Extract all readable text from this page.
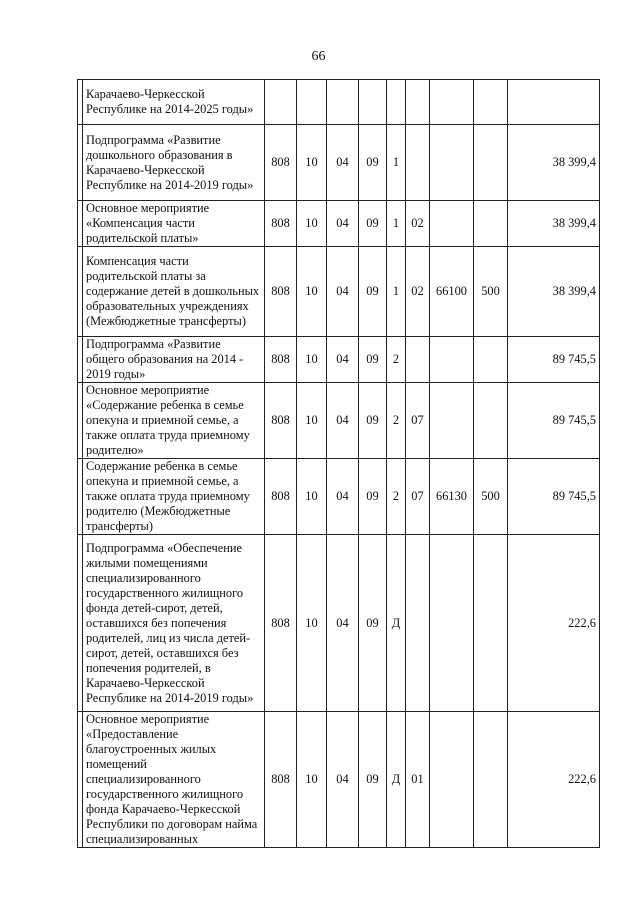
66
	Карачаево-Черкесской Республике на 2014-2025 годы»									
	Подпрограмма «Развитие дошкольного образования в Карачаево-Черкесской Республике на 2014-2019 годы»	808	10	04	09	1				38 399,4
	Основное мероприятие «Компенсация части родительской платы»	808	10	04	09	1	02			38 399,4
	Компенсация части родительской платы за содержание детей в дошкольных образовательных учреждениях (Межбюджетные трансферты)	808	10	04	09	1	02	66100	500	38 399,4
	Подпрограмма «Развитие общего образования на 2014 - 2019 годы»	808	10	04	09	2				89 745,5
	Основное мероприятие «Содержание ребенка в семье опекуна и приемной семье, а также оплата труда приемному родителю»	808	10	04	09	2	07			89 745,5
	Содержание ребенка в семье опекуна и приемной семье, а также оплата труда приемному родителю (Межбюджетные трансферты)	808	10	04	09	2	07	66130	500	89 745,5
	Подпрограмма «Обеспечение жилыми помещениями специализированного государственного жилищного фонда детей-сирот, детей, оставшихся без попечения родителей, лиц из числа детей-сирот, детей, оставшихся без попечения родителей, в Карачаево-Черкесской Республике на 2014-2019 годы»	808	10	04	09	Д				222,6
	Основное мероприятие «Предоставление благоустроенных жилых помещений специализированного государственного жилищного фонда Карачаево-Черкесской Республики по договорам найма специализированных	808	10	04	09	Д	01			222,6
